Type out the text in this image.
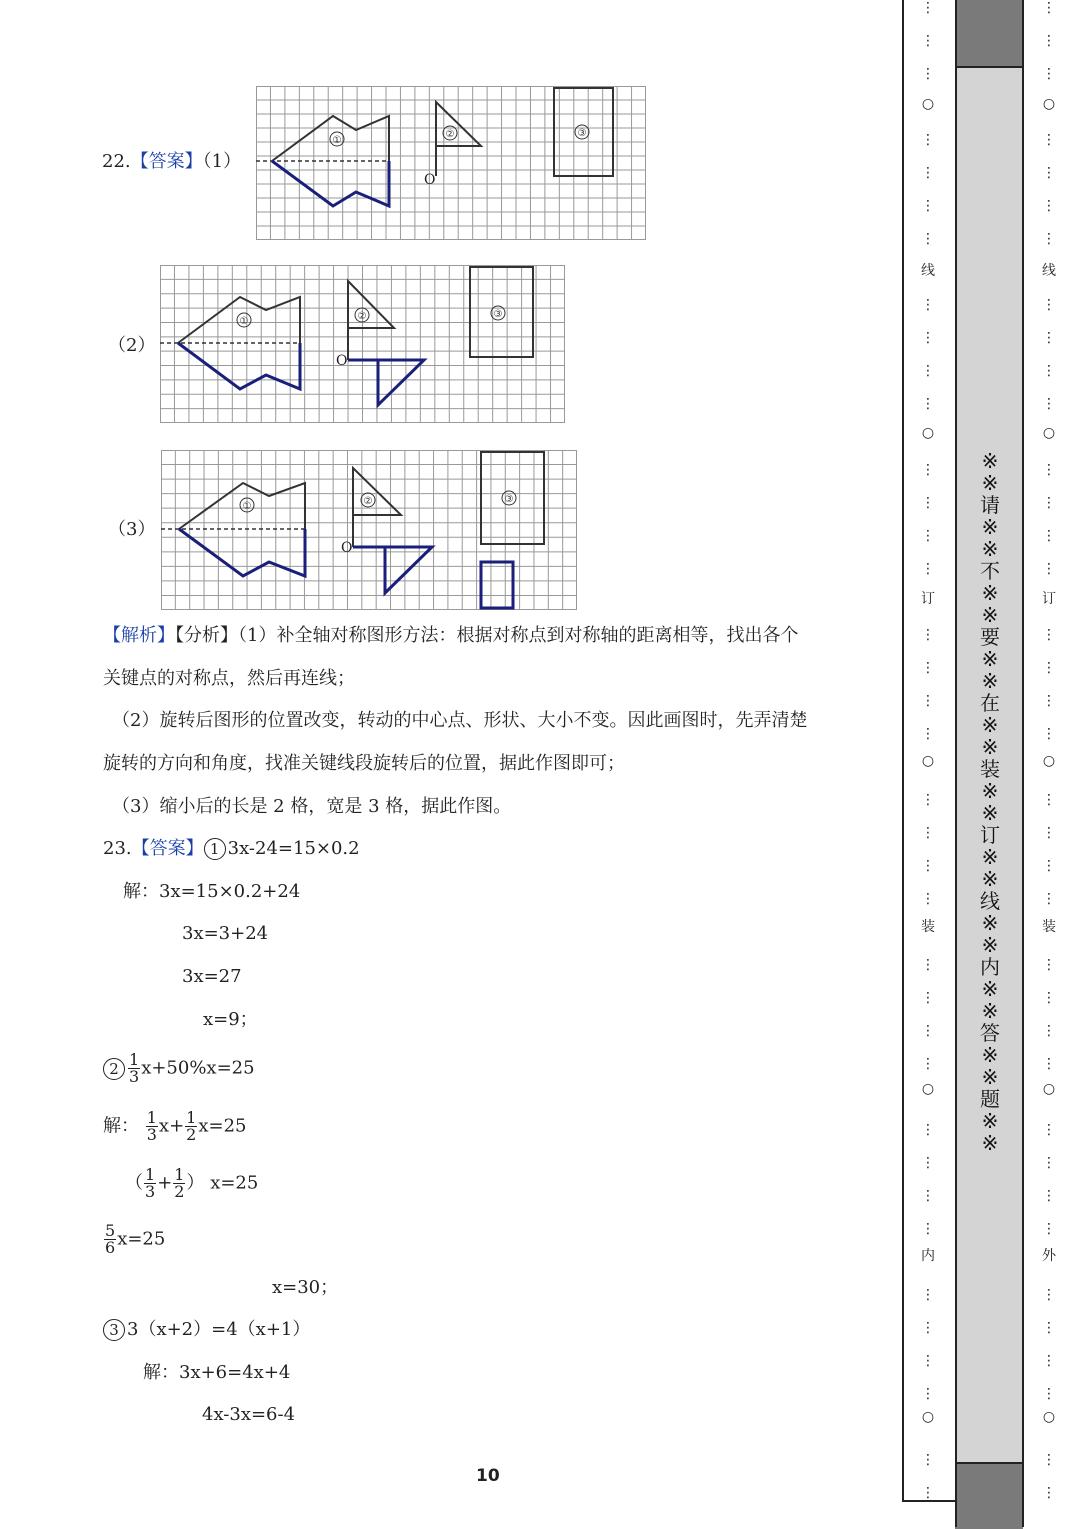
22.【答案】（1）
①
②
O
③
（2）
①	②
O
③
（3）
①	②
O
③
【解析】【分析】（1）补全轴对称图形方法：根据对称点到对称轴的距离相等，找出各个
关键点的对称点，然后再连线；
（2）旋转后图形的位置改变，转动的中心点、形状、大小不变。因此画图时，先弄清楚
旋转的方向和角度，找准关键线段旋转后的位置，据此作图即可；
（3）缩小后的长是 2 格，宽是 3 格，据此作图。
23.【答案】 1 3x-24=15×0.2
解：3x=15×0.2+24
3x=3+24
3x=27
x=9；
$2 \frac{1}{3} x+50\%x=25$
解： $\frac{1}{3} x+ \frac{1}{2} x=25$
（ $\frac{1}{3} + \frac{1}{2}$ ） x=25
$\frac{5}{6} x=25$
x=30；
3 3（x+2）=4（x+1）
解：3x+6=4x+4
4x-3x=6-4
10
※※请※※不※※要※※在※※装※※订※※线※※内※※答※※题※※
⋮
⋮
⋮
⋮
⋮
⋮
⋮
⋮
⋮
⋮
⋮
⋮
⋮
⋮
⋮
⋮
⋮
⋮
⋮
⋮
⋮
⋮
⋮
⋮
⋮
⋮
⋮
⋮
⋮
⋮
⋮
⋮
⋮
⋮
⋮
⋮
⋮
○
○
○
○
○
线
订
装
内
⋮
⋮
⋮
⋮
⋮
⋮
⋮
⋮
⋮
⋮
⋮
⋮
⋮
⋮
⋮
⋮
⋮
⋮
⋮
⋮
⋮
⋮
⋮
⋮
⋮
⋮
⋮
⋮
⋮
⋮
⋮
⋮
⋮
⋮
⋮
⋮
⋮
○
○
○
○
○
线
订
装
外
